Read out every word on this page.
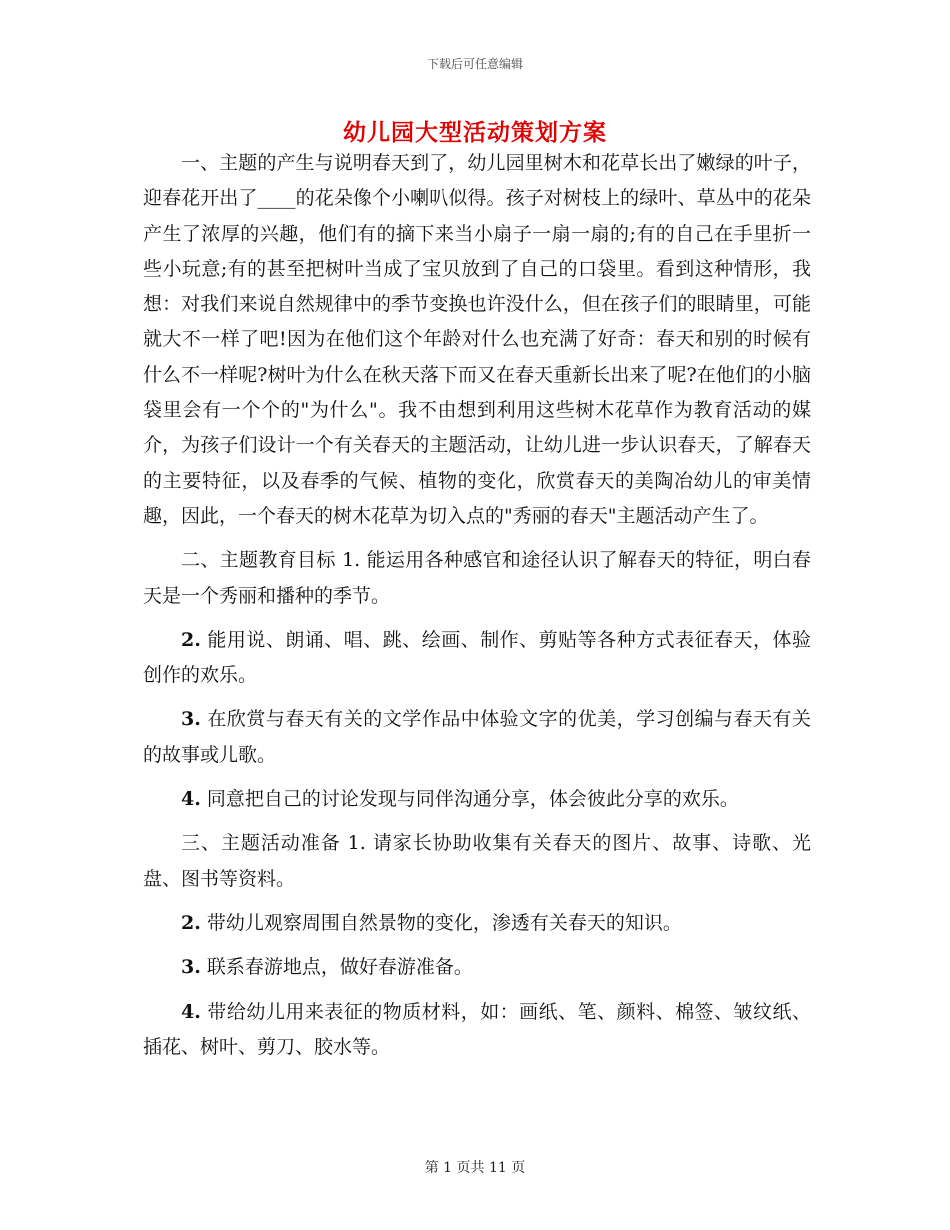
下载后可任意编辑
幼儿园大型活动策划方案

一、主题的产生与说明春天到了，幼儿园里树木和花草长出了嫩绿的叶子，迎春花开出了____的花朵像个小喇叭似得。孩子对树枝上的绿叶、草丛中的花朵产生了浓厚的兴趣，他们有的摘下来当小扇子一扇一扇的;有的自己在手里折一些小玩意;有的甚至把树叶当成了宝贝放到了自己的口袋里。看到这种情形，我想：对我们来说自然规律中的季节变换也许没什么，但在孩子们的眼睛里，可能就大不一样了吧!因为在他们这个年龄对什么也充满了好奇：春天和别的时候有什么不一样呢?树叶为什么在秋天落下而又在春天重新长出来了呢?在他们的小脑袋里会有一个个的"为什么"。我不由想到利用这些树木花草作为教育活动的媒介，为孩子们设计一个有关春天的主题活动，让幼儿进一步认识春天，了解春天的主要特征，以及春季的气候、植物的变化，欣赏春天的美陶冶幼儿的审美情趣，因此，一个春天的树木花草为切入点的"秀丽的春天"主题活动产生了。

二、主题教育目标 1. 能运用各种感官和途径认识了解春天的特征，明白春天是一个秀丽和播种的季节。

2. 能用说、朗诵、唱、跳、绘画、制作、剪贴等各种方式表征春天，体验创作的欢乐。

3. 在欣赏与春天有关的文学作品中体验文字的优美，学习创编与春天有关的故事或儿歌。

4. 同意把自己的讨论发现与同伴沟通分享，体会彼此分享的欢乐。

三、主题活动准备 1. 请家长协助收集有关春天的图片、故事、诗歌、光盘、图书等资料。

2. 带幼儿观察周围自然景物的变化，渗透有关春天的知识。

3. 联系春游地点，做好春游准备。

4. 带给幼儿用来表征的物质材料，如：画纸、笔、颜料、棉签、皱纹纸、插花、树叶、剪刀、胶水等。

第 1 页共 11 页
